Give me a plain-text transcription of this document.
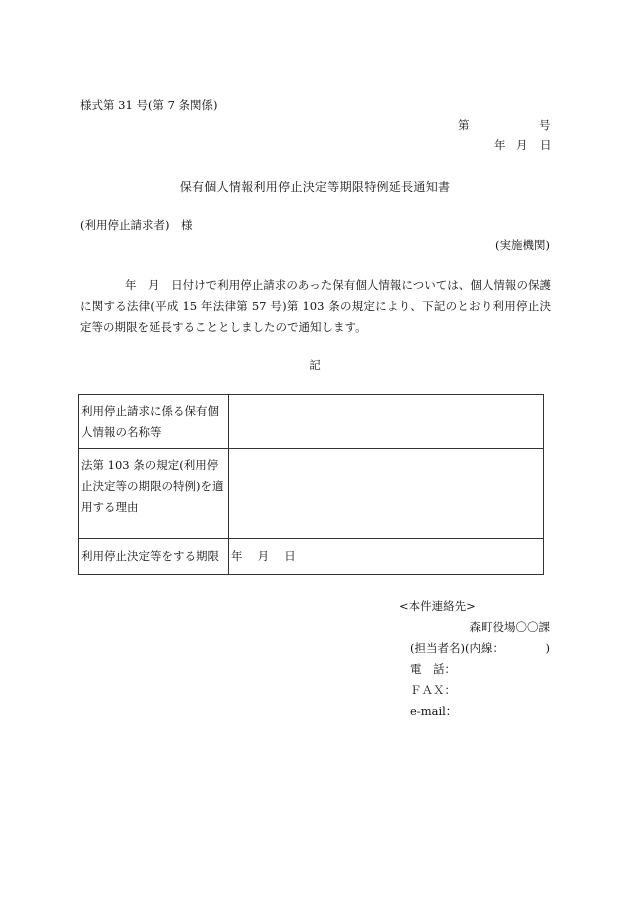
様式第 31 号(第 7 条関係)
第	号
年 月 日
保有個人情報利用停止決定等期限特例延長通知書
(利用停止請求者)　様
(実施機関)
年　月　日付けで利用停止請求のあった保有個人情報については、個人情報の保護に関する法律(平成 15 年法律第 57 号)第 103 条の規定により、下記のとおり利用停止決定等の期限を延長することとしましたので通知します。
記
利用停止請求に係る保有個人情報の名称等	
法第 103 条の規定(利用停止決定等の期限の特例)を適用する理由	
利用停止決定等をする期限	年　 月　 日
<本件連絡先>
森町役場〇〇課
(担当者名)(内線：	)
電　話：
ＦＡＸ：
e-mail：
